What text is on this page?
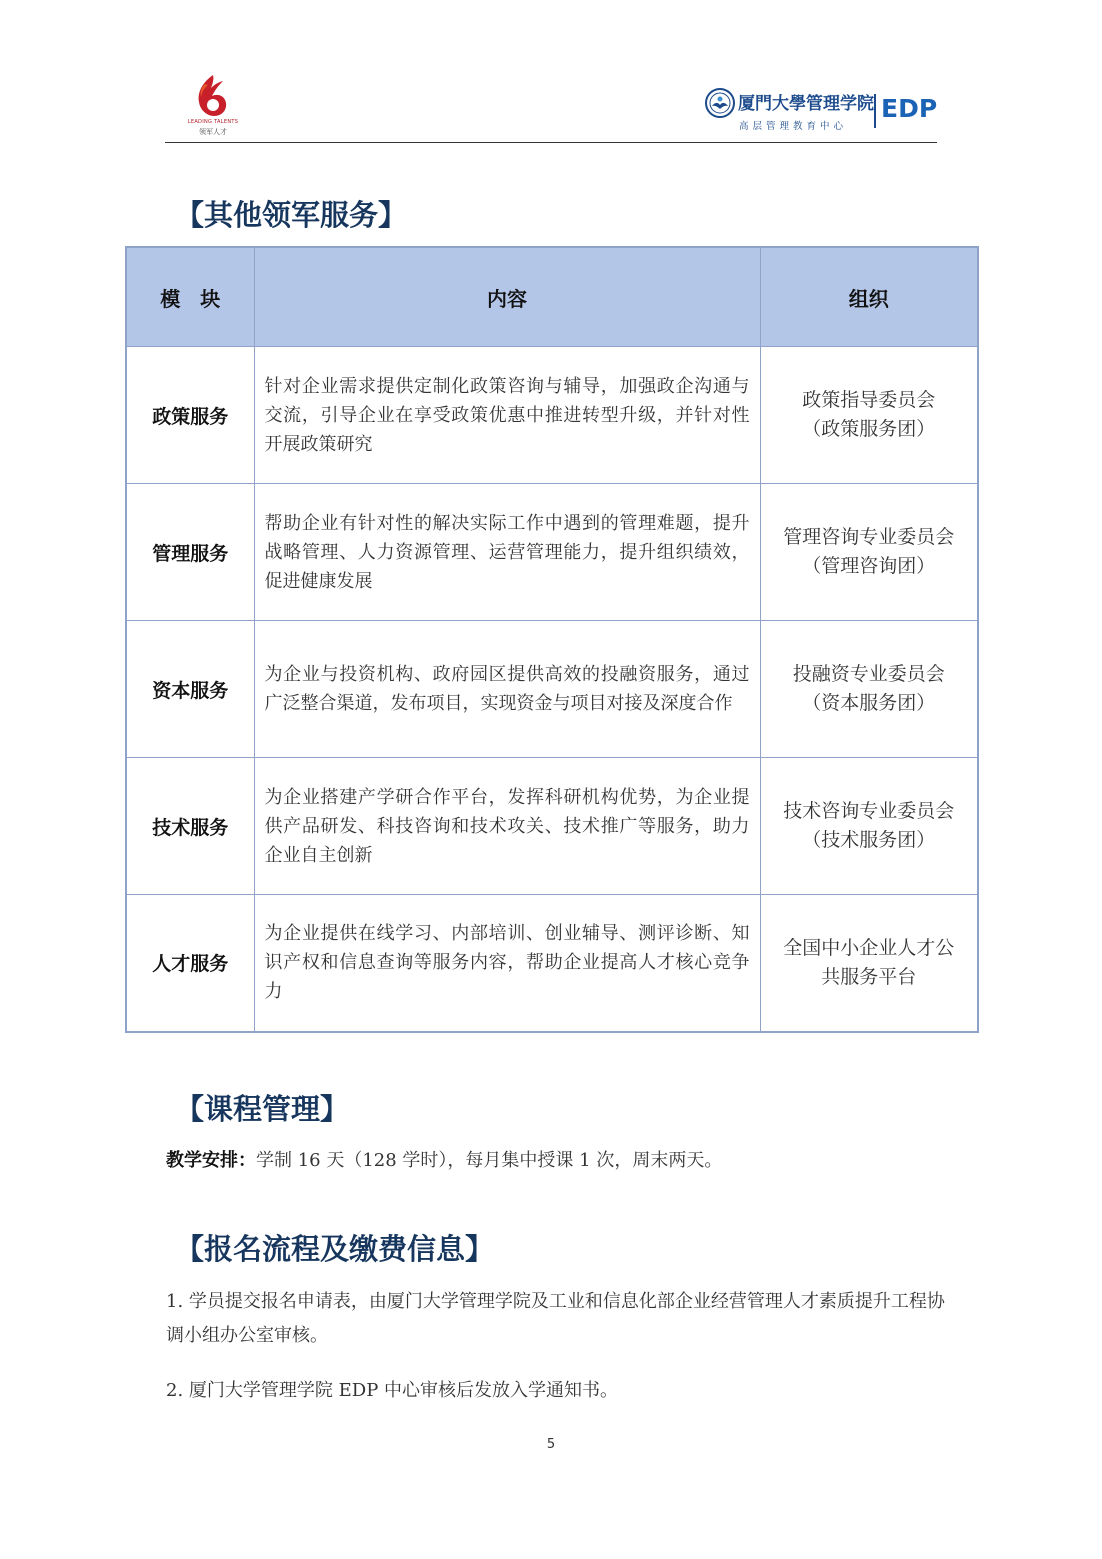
LEADING TALENTS
领军人才
厦門大學管理学院
高层管理教育中心
EDP
【其他领军服务】
模　块	内容	组织
政策服务	针对企业需求提供定制化政策咨询与辅导，加强政企沟通与交流，引导企业在享受政策优惠中推进转型升级，并针对性开展政策研究	政策指导委员会
（政策服务团）

管理服务	帮助企业有针对性的解决实际工作中遇到的管理难题，提升战略管理、人力资源管理、运营管理能力，提升组织绩效，促进健康发展	管理咨询专业委员会
（管理咨询团）

资本服务	为企业与投资机构、政府园区提供高效的投融资服务，通过广泛整合渠道，发布项目，实现资金与项目对接及深度合作	投融资专业委员会
（资本服务团）

技术服务	为企业搭建产学研合作平台，发挥科研机构优势，为企业提供产品研发、科技咨询和技术攻关、技术推广等服务，助力企业自主创新	技术咨询专业委员会
（技术服务团）

人才服务	为企业提供在线学习、内部培训、创业辅导、测评诊断、知识产权和信息查询等服务内容，帮助企业提高人才核心竞争力	全国中小企业人才公
共服务平台
【课程管理】
教学安排：学制 16 天（128 学时），每月集中授课 1 次，周末两天。
【报名流程及缴费信息】
1. 学员提交报名申请表，由厦门大学管理学院及工业和信息化部企业经营管理人才素质提升工程协调小组办公室审核。
2. 厦门大学管理学院 EDP 中心审核后发放入学通知书。
5
